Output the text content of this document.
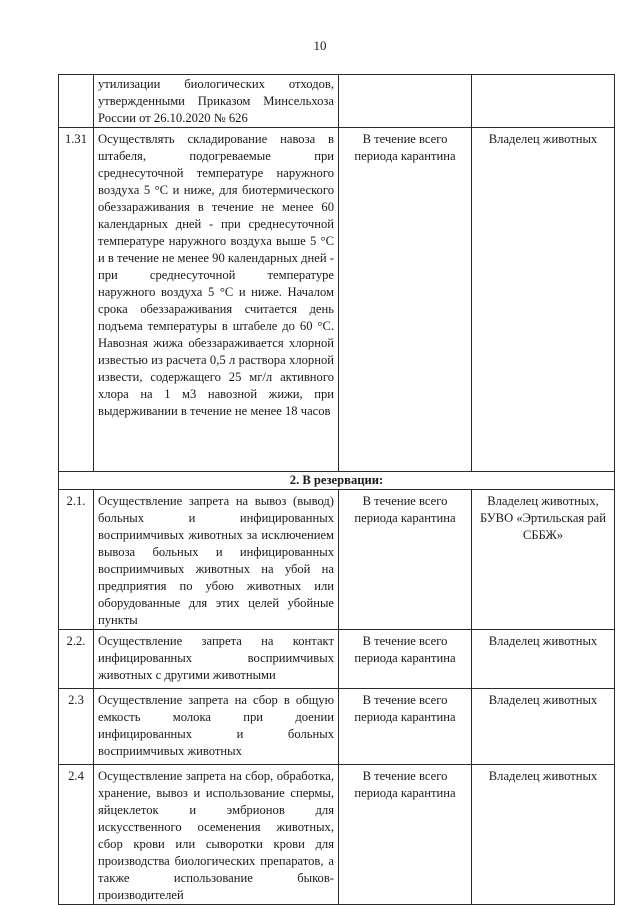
10
	утилизации биологических отходов, утвержденными Приказом Минсельхоза России от 26.10.2020 № 626		
1.31	Осуществлять складирование навоза в штабеля, подогреваемые при среднесуточной температуре наружного воздуха 5 °С и ниже, для биотермического обеззараживания в течение не менее 60 календарных дней - при среднесуточной температуре наружного воздуха выше 5 °С и в течение не менее 90 календарных дней - при среднесуточной температуре наружного воздуха 5 °С и ниже. Началом срока обеззараживания считается день подъема температуры в штабеле до 60 °С. Навозная жижа обеззараживается хлорной известью из расчета 0,5 л раствора хлорной извести, содержащего 25 мг/л активного хлора на 1 м3 навозной жижи, при выдерживании в течение не менее 18 часов	В течение всего периода карантина	Владелец животных
2. В резервации:			
2.1.	Осуществление запрета на вывоз (вывод) больных и инфицированных восприимчивых животных за исключением вывоза больных и инфицированных восприимчивых животных на убой на предприятия по убою животных или оборудованные для этих целей убойные пункты	В течение всего периода карантина	Владелец животных, БУВО «Эртильская рай СББЖ»
2.2.	Осуществление запрета на контакт инфицированных восприимчивых животных с другими животными	В течение всего периода карантина	Владелец животных
2.3	Осуществление запрета на сбор в общую емкость молока при доении инфицированных и больных восприимчивых животных	В течение всего периода карантина	Владелец животных
2.4	Осуществление запрета на сбор, обработка, хранение, вывоз и использование спермы, яйцеклеток и эмбрионов для искусственного осеменения животных, сбор крови или сыворотки крови для производства биологических препаратов, а также использование быков-производителей	В течение всего периода карантина	Владелец животных
